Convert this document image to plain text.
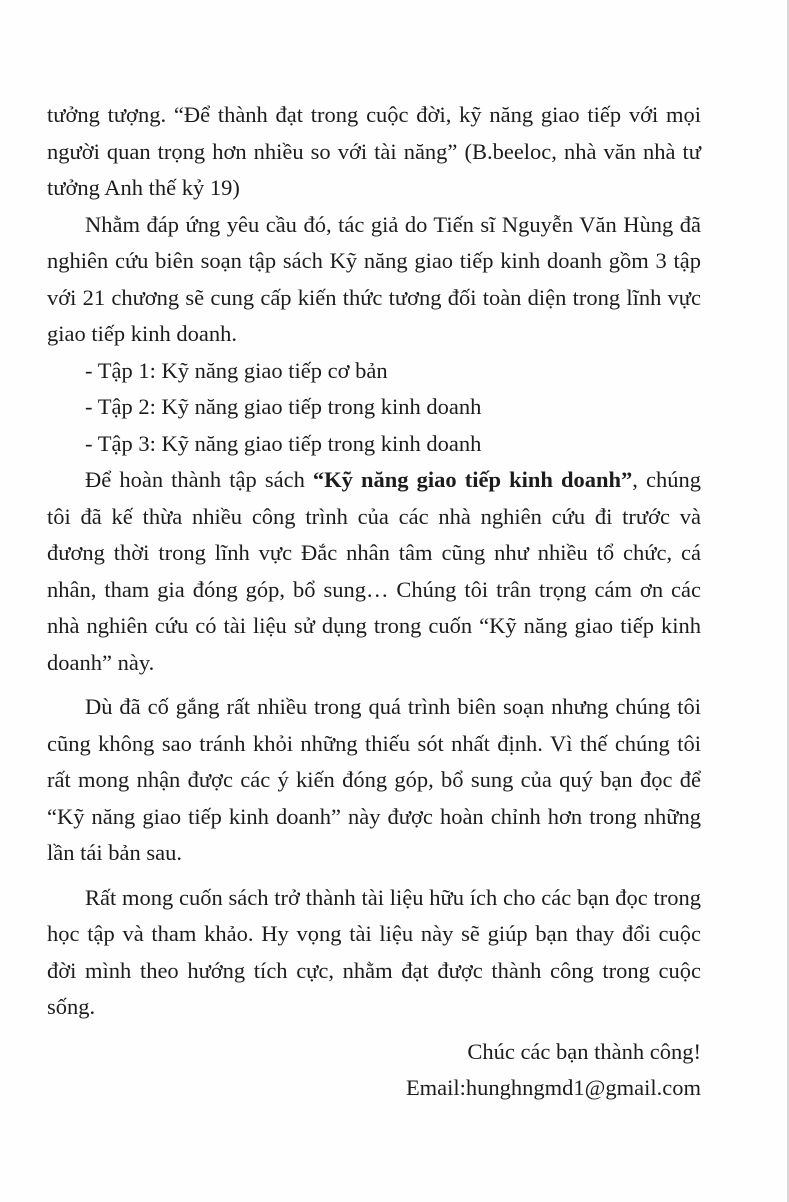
tưởng tượng. “Để thành đạt trong cuộc đời, kỹ năng giao tiếp với mọi người quan trọng hơn nhiều so với tài năng” (B.beeloc, nhà văn nhà tư tưởng Anh thế kỷ 19)

Nhằm đáp ứng yêu cầu đó, tác giả do Tiến sĩ Nguyễn Văn Hùng đã nghiên cứu biên soạn tập sách Kỹ năng giao tiếp kinh doanh gồm 3 tập với 21 chương sẽ cung cấp kiến thức tương đối toàn diện trong lĩnh vực giao tiếp kinh doanh.

- Tập 1: Kỹ năng giao tiếp cơ bản

- Tập 2: Kỹ năng giao tiếp trong kinh doanh

- Tập 3: Kỹ năng giao tiếp trong kinh doanh

Để hoàn thành tập sách “Kỹ năng giao tiếp kinh doanh”, chúng tôi đã kế thừa nhiều công trình của các nhà nghiên cứu đi trước và đương thời trong lĩnh vực Đắc nhân tâm cũng như nhiều tổ chức, cá nhân, tham gia đóng góp, bổ sung… Chúng tôi trân trọng cám ơn các nhà nghiên cứu có tài liệu sử dụng trong cuốn “Kỹ năng giao tiếp kinh doanh” này.

Dù đã cố gắng rất nhiều trong quá trình biên soạn nhưng chúng tôi cũng không sao tránh khỏi những thiếu sót nhất định. Vì thế chúng tôi rất mong nhận được các ý kiến đóng góp, bổ sung của quý bạn đọc để “Kỹ năng giao tiếp kinh doanh” này được hoàn chỉnh hơn trong những lần tái bản sau.

Rất mong cuốn sách trở thành tài liệu hữu ích cho các bạn đọc trong học tập và tham khảo. Hy vọng tài liệu này sẽ giúp bạn thay đổi cuộc đời mình theo hướng tích cực, nhằm đạt được thành công trong cuộc sống.

Chúc các bạn thành công!

Email:hunghngmd1@gmail.com
